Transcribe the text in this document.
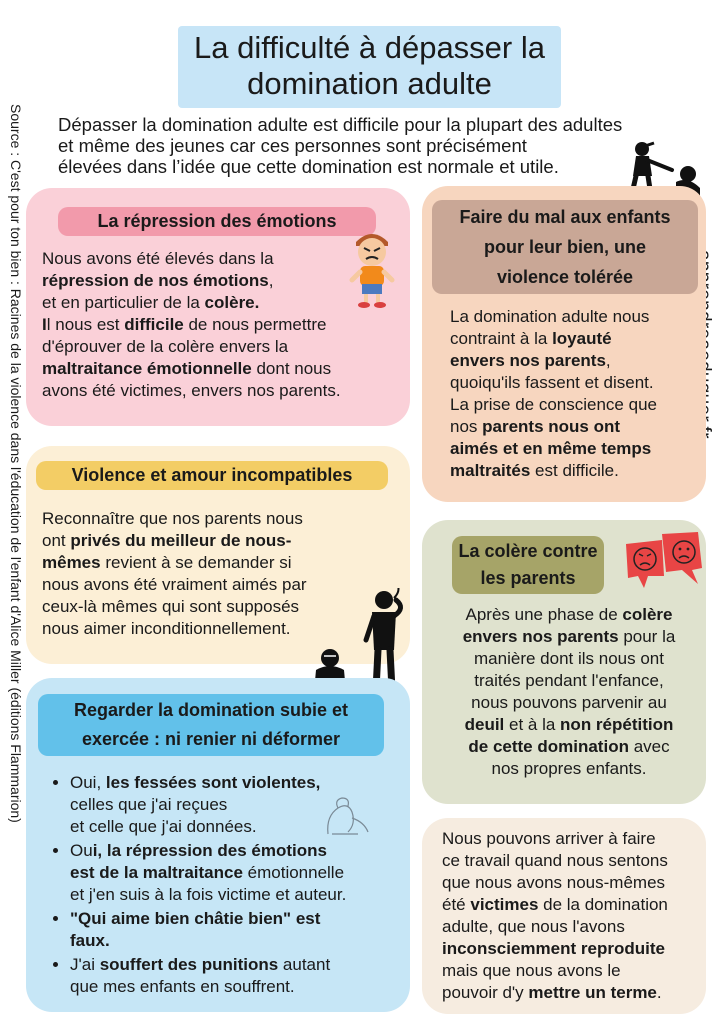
La difficulté à dépasser la
domination adulte
Source : C'est pour ton bien : Racines de la violence dans l'éducation de l'enfant d'Alice Miller (éditions Flammarion) Dépasser la domination adulte est difficile pour la plupart des adultes
et même des jeunes car ces personnes sont précisément
élevées dans l’idée que cette domination est normale et utile.
La répression des émotions
Nous avons été élevés dans la
répression de nos émotions,
et en particulier de la colère.
Il nous est difficile de nous permettre
d'éprouver de la colère envers la
maltraitance émotionnelle dont nous
avons été victimes, envers nos parents.
Violence et amour incompatibles
Reconnaître que nos parents nous
ont privés du meilleur de nous-
mêmes revient à se demander si
nous avons été vraiment aimés par
ceux-là mêmes qui sont supposés
nous aimer inconditionnellement.
Regarder la domination subie et
exercée : ni renier ni déformer
• Oui, les fessées sont violentes,
celles que j'ai reçues
et celle que j'ai données.
• Oui, la répression des émotions
est de la maltraitance émotionnelle
et j'en suis à la fois victime et auteur.
• "Qui aime bien châtie bien" est
faux.
• J'ai souffert des punitions autant
que mes enfants en souffrent.
Faire du mal aux enfants
pour leur bien, une
violence tolérée
La domination adulte nous
contraint à la loyauté
envers nos parents,
quoiqu'ils fassent et disent.
La prise de conscience que
nos parents nous ont
aimés et en même temps
maltraités est difficile.
La colère contre
les parents
Après une phase de colère
envers nos parents pour la
manière dont ils nous ont
traités pendant l'enfance,
nous pouvons parvenir au
deuil et à la non répétition
de cette domination avec
nos propres enfants.
Nous pouvons arriver à faire
ce travail quand nous sentons
que nous avons nous-mêmes
été victimes de la domination
adulte, que nous l'avons
inconsciemment reproduite
mais que nous avons le
pouvoir d'y mettre un terme.
